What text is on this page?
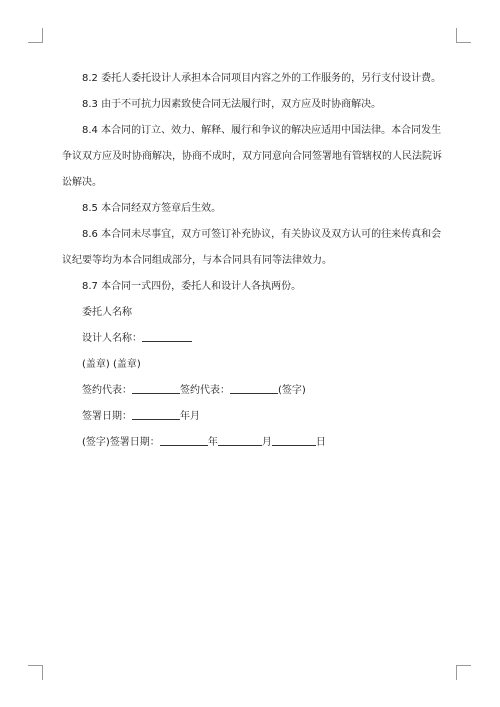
8.2 委托人委托设计人承担本合同项目内容之外的工作服务的，另行支付设计费。

8.3 由于不可抗力因素致使合同无法履行时，双方应及时协商解决。

8.4 本合同的订立、效力、解释、履行和争议的解决应适用中国法律。本合同发生争议双方应及时协商解决，协商不成时，双方同意向合同签署地有管辖权的人民法院诉讼解决。

8.5 本合同经双方签章后生效。

8.6 本合同未尽事宜，双方可签订补充协议，有关协议及双方认可的往来传真和会议纪要等均为本合同组成部分，与本合同具有同等法律效力。

8.7 本合同一式四份，委托人和设计人各执两份。

委托人名称
设计人名称：
(盖章) (盖章)
签约代表：	签约代表：	(签字)
签署日期：	年月
(签字)签署日期：	年	月	日
